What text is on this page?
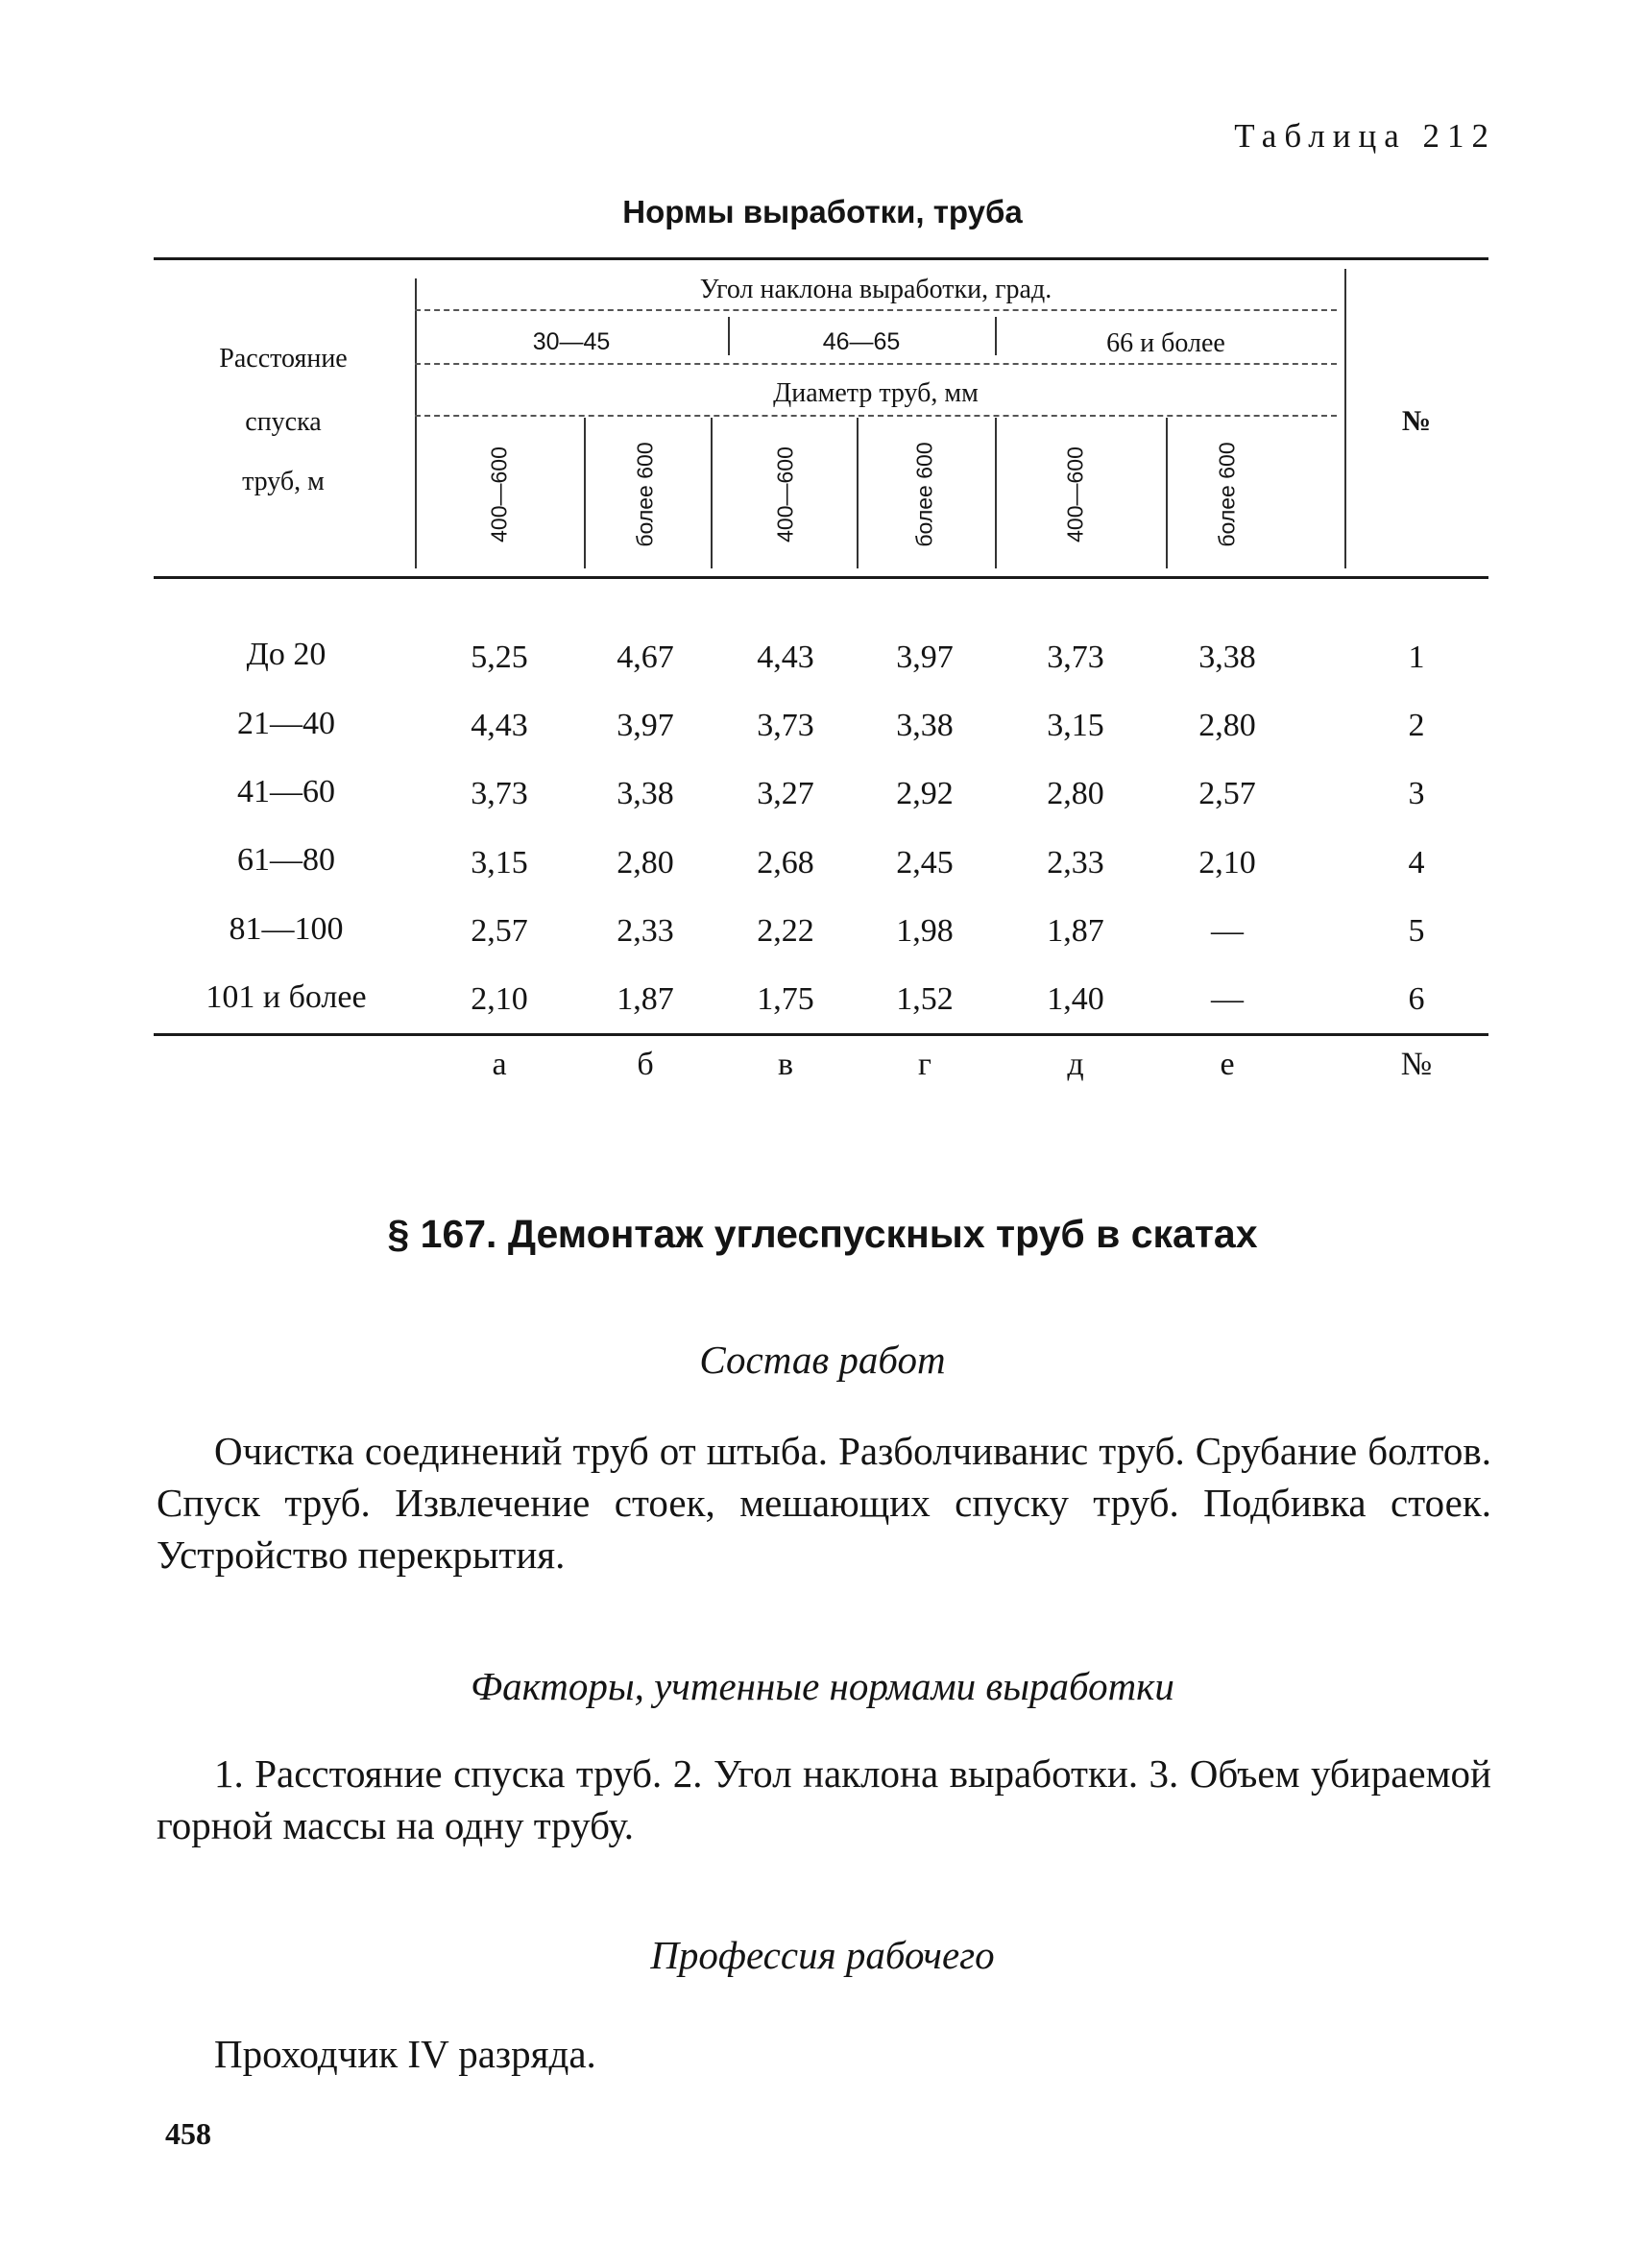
Таблица 212
Нормы выработки, труба
Расстояние
спуска
труб, м
Угол наклона выработки, град.
30—45	46—65	66 и более
Диаметр труб, мм
№
400—600	более 600	400—600	более 600	400—600	более 600
До 20	5,25	4,67	4,43	3,97	3,73	3,38	1
21—40	4,43	3,97	3,73	3,38	3,15	2,80	2
41—60	3,73	3,38	3,27	2,92	2,80	2,57	3
61—80	3,15	2,80	2,68	2,45	2,33	2,10	4
81—100	2,57	2,33	2,22	1,98	1,87	—	5
101 и более	2,10	1,87	1,75	1,52	1,40	—	6
а	б	в	г	д	е	№
§ 167. Демонтаж углеспускных труб в скатах
Состав работ
Очистка соединений труб от штыба. Разболчиванис труб. Срубание болтов. Спуск труб. Извлечение стоек, мешающих спуску труб. Подбивка стоек. Устройство перекрытия.
Факторы, учтенные нормами выработки
1. Расстояние спуска труб. 2. Угол наклона выработки. 3. Объем убираемой горной массы на одну трубу.
Профессия рабочего
Проходчик IV разряда.
458
